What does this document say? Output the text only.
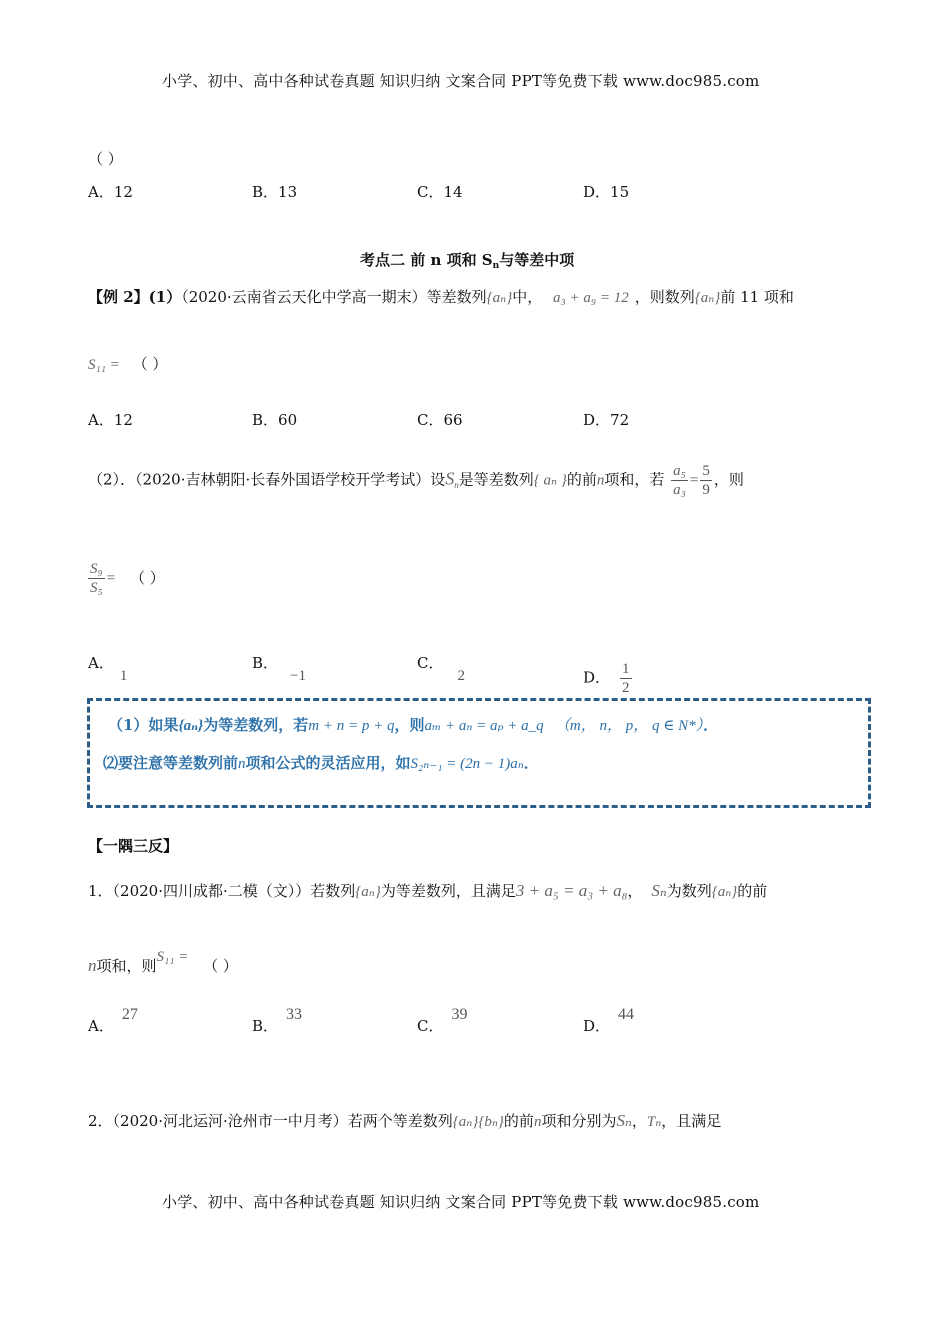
小学、初中、高中各种试卷真题 知识归纳 文案合同 PPT等免费下载 www.doc985.com
（ ）
A．12	B．13	C．14	D．15
考点二 前 n 项和 $S_n$与等差中项
【例 2】(1）（2020·云南省云天化中学高一期末）等差数列{aₙ}中， a₃ + a₉ = 12 ，则数列{aₙ}前 11 项和
S₁₁ = （ ）
A．12	B．60	C．66	D．72
（2）．（2020·吉林朝阳·长春外国语学校开学考试）设$S_n$是等差数列{ aₙ }的前n项和，若 $\frac{\text{a₅}}{\text{a₃}} = \frac{5}{9}$ ，则
$\frac{\text{S₉}}{\text{S₅}}$ = （ ）
A．1
B．−1
C．2	D． $\frac{1}{2}$
（1）如果{aₙ}为等差数列，若m + n = p + q，则aₘ + aₙ = aₚ + a_q （m， n， p， q ∈ N*）．
⑵要注意等差数列前n项和公式的灵活应用，如S₂ₙ₋₁ = (2n − 1)aₙ．
【一隅三反】
1．（2020·四川成都·二模（文））若数列{aₙ}为等差数列，且满足3 + a₅ = a₃ + a₈， Sₙ为数列{aₙ}的前
n项和，则S₁₁ = （ ）
A．27
B．33
C．39
D．44
2．（2020·河北运河·沧州市一中月考）若两个等差数列{aₙ}{bₙ}的前n项和分别为Sₙ，Tₙ，且满足
小学、初中、高中各种试卷真题 知识归纳 文案合同 PPT等免费下载 www.doc985.com
